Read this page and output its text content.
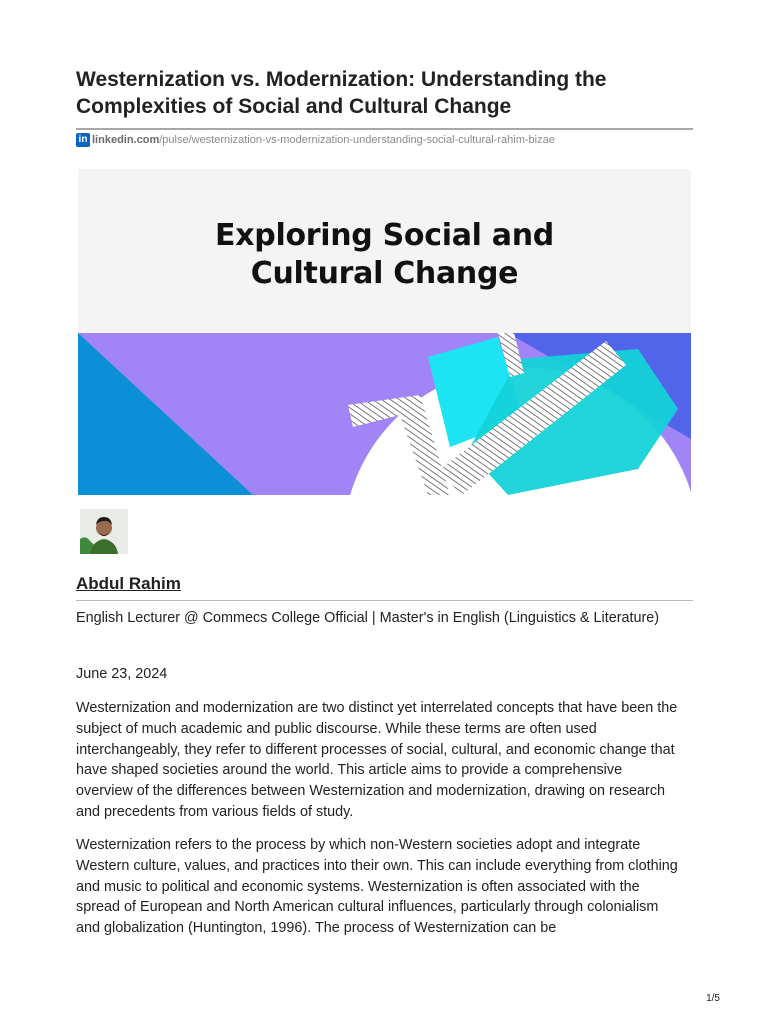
Westernization vs. Modernization: Understanding the Complexities of Social and Cultural Change
in linkedin.com /pulse/westernization-vs-modernization-understanding-social-cultural-rahim-bizae
Exploring Social and
Cultural Change
Abdul Rahim

English Lecturer @ Commecs College Official | Master's in English (Linguistics & Literature)

June 23, 2024

Westernization and modernization are two distinct yet interrelated concepts that have been the subject of much academic and public discourse. While these terms are often used interchangeably, they refer to different processes of social, cultural, and economic change that have shaped societies around the world. This article aims to provide a comprehensive overview of the differences between Westernization and modernization, drawing on research and precedents from various fields of study.

Westernization refers to the process by which non-Western societies adopt and integrate Western culture, values, and practices into their own. This can include everything from clothing and music to political and economic systems. Westernization is often associated with the spread of European and North American cultural influences, particularly through colonialism and globalization (Huntington, 1996). The process of Westernization can be

1/5
